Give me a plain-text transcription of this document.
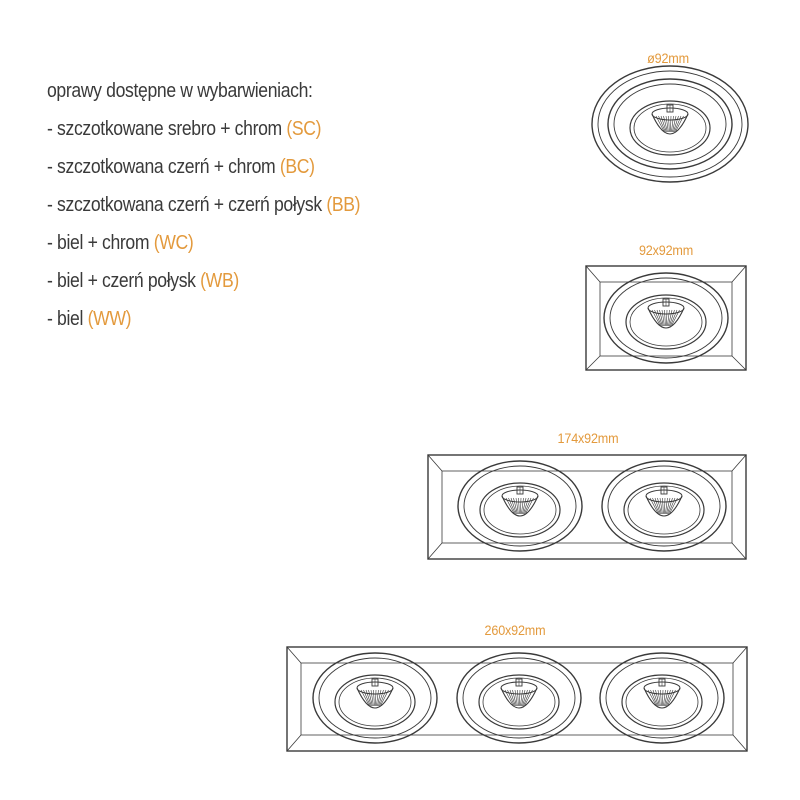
oprawy dostępne w wybarwieniach:
- szczotkowane srebro + chrom (SC)
- szczotkowana czerń + chrom (BC)
- szczotkowana czerń + czerń połysk (BB)
- biel + chrom (WC)
- biel + czerń połysk (WB)
- biel (WW)
ø92mm
92x92mm
174x92mm
260x92mm
